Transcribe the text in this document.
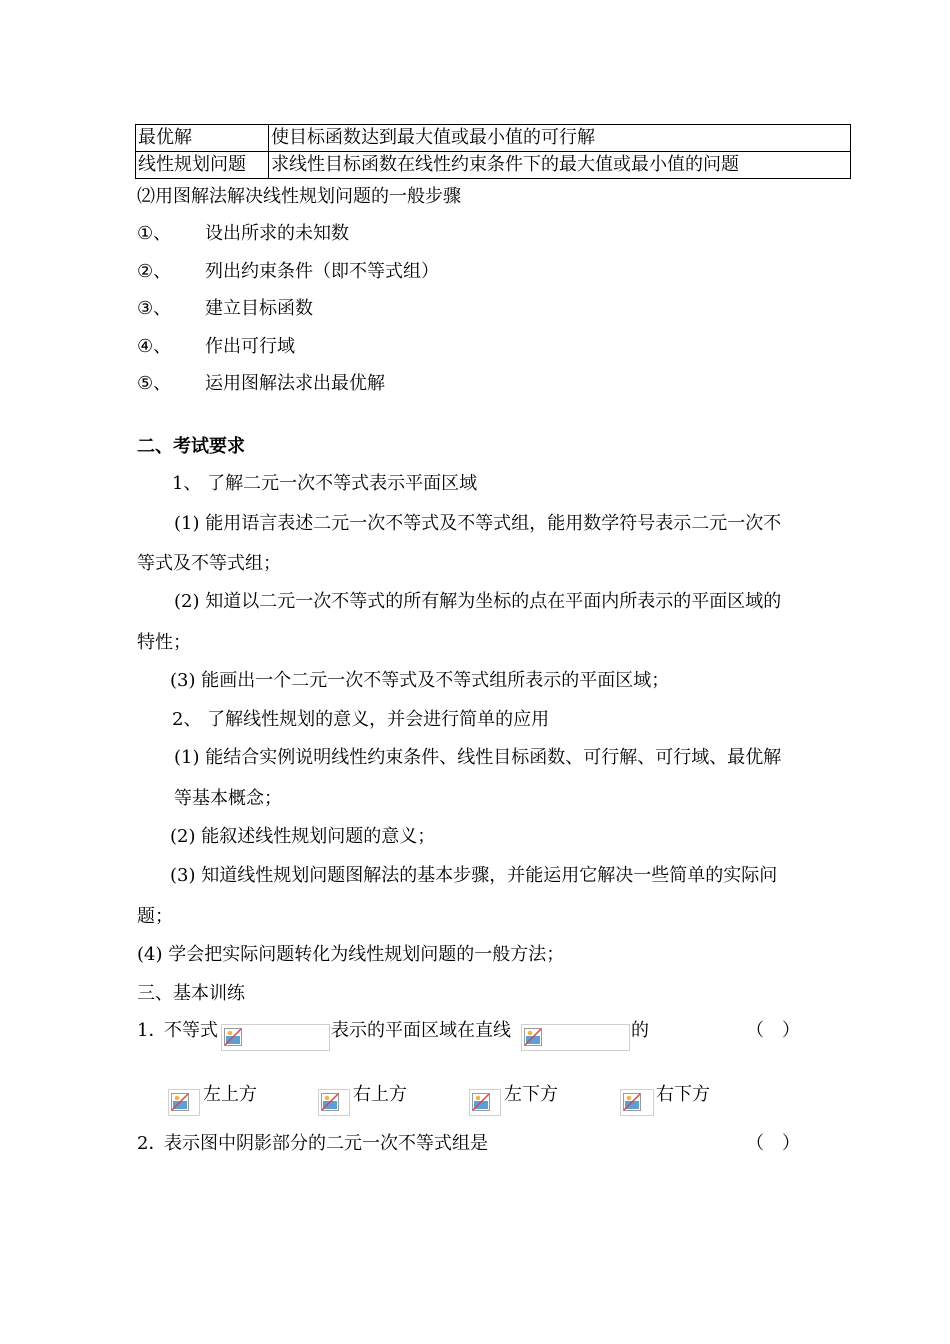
最优解	使目标函数达到最大值或最小值的可行解
线性规划问题	求线性目标函数在线性约束条件下的最大值或最小值的问题
⑵用图解法解决线性规划问题的一般步骤
①、 设出所求的未知数
②、 列出约束条件（即不等式组）
③、 建立目标函数
④、 作出可行域
⑤、 运用图解法求出最优解
二、考试要求
1、 了解二元一次不等式表示平面区域
(1) 能用语言表述二元一次不等式及不等式组，能用数学符号表示二元一次不
等式及不等式组；
(2) 知道以二元一次不等式的所有解为坐标的点在平面内所表示的平面区域的
特性；
(3) 能画出一个二元一次不等式及不等式组所表示的平面区域；
2、 了解线性规划的意义，并会进行简单的应用
(1) 能结合实例说明线性约束条件、线性目标函数、可行解、可行域、最优解
等基本概念；
(2) 能叙述线性规划问题的意义；
(3) 知道线性规划问题图解法的基本步骤，并能运用它解决一些简单的实际问
题；
(4) 学会把实际问题转化为线性规划问题的一般方法；
三、基本训练
1．
不等式	表示的平面区域在直线	的	（　）
左上方	右上方	左下方	右下方
2．
表示图中阴影部分的二元一次不等式组是	（　）
